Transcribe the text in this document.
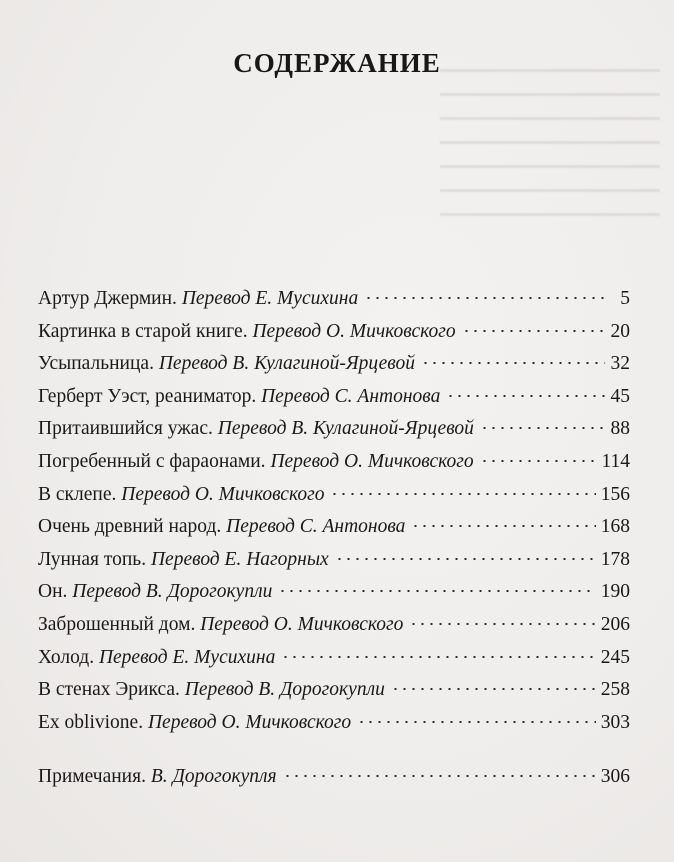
СОДЕРЖАНИЕ
Артур Джермин. Перевод Е. Мусихина	5
Картинка в старой книге. Перевод О. Мичковского	20
Усыпальница. Перевод В. Кулагиной-Ярцевой	32
Герберт Уэст, реаниматор. Перевод С. Антонова	45
Притаившийся ужас. Перевод В. Кулагиной-Ярцевой	88
Погребенный с фараонами. Перевод О. Мичковского	114
В склепе. Перевод О. Мичковского	156
Очень древний народ. Перевод С. Антонова	168
Лунная топь. Перевод Е. Нагорных	178
Он. Перевод В. Дорогокупли	190
Заброшенный дом. Перевод О. Мичковского	206
Холод. Перевод Е. Мусихина	245
В стенах Эрикса. Перевод В. Дорогокупли	258
Ex oblivione. Перевод О. Мичковского	303
Примечания. В. Дорогокупля	306
